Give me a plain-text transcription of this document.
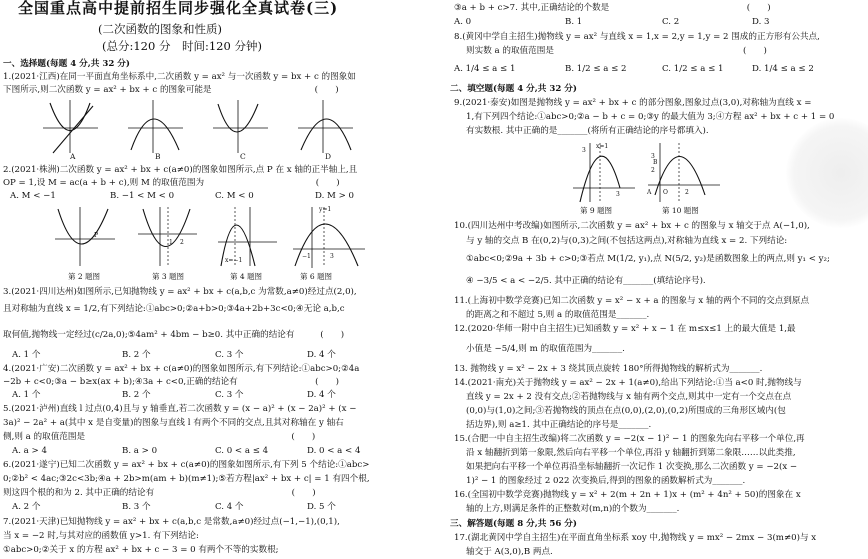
全国重点高中提前招生同步强化全真试卷(三)
(二次函数的图象和性质)
(总分:120 分　时间:120 分钟)
一、选择题(每题 4 分,共 32 分)
1.(2021·江西)在同一平面直角坐标系中,二次函数 y = ax² 与一次函数 y = bx + c 的图象如
下图所示,则二次函数 y = ax² + bx + c 的图象可能是　　　　　　　　　　　　(　　)
A	B	C	D
2.(2021·株洲)二次函数 y = ax² + bx + c(a≠0)的图象如图所示,点 P 在 x 轴的正半轴上,且
OP = 1,设 M = ac(a + b + c),则 M 的取值范围为　　　　　　　　　　　　　(　　)
A. M < −1	B. −1 < M < 0	C. M < 0	D. M > 0
P
1 2
x=−1
y=1
−1	3
第 2 题图	第 3 题图	第 4 题图	第 6 题图
3.(2021·四川达州)如图所示,已知抛物线 y = ax² + bx + c(a,b,c 为常数,a≠0)经过点(2,0),
且对称轴为直线 x = 1/2,有下列结论:①abc>0;②a+b>0;③4a+2b+3c<0;④无论 a,b,c
取何值,抛物线一定经过(c/2a,0);⑤4am² + 4bm − b≥0. 其中正确的结论有　　　(　　)
A. 1 个	B. 2 个	C. 3 个	D. 4 个
4.(2021·广安)二次函数 y = ax² + bx + c(a≠0)的图象如图所示,有下列结论:①abc>0;②4a
−2b + c<0;③a − b≥x(ax + b);④3a + c<0,正确的结论有　　　　　　　　　(　　)
A. 1 个	B. 2 个	C. 3 个	D. 4 个
5.(2021·泸州)直线 l 过点(0,4)且与 y 轴垂直,若二次函数 y = (x − a)² + (x − 2a)² + (x −
3a)² − 2a² + a(其中 x 是自变量)的图象与直线 l 有两个不同的交点,且其对称轴在 y 轴右
侧,则 a 的取值范围是　　　　　　　　　　　　　　　　　　　　　　　　(　　)
A. a > 4	B. a > 0	C. 0 < a ≤ 4	D. 0 < a < 4
6.(2021·遂宁)已知二次函数 y = ax² + bx + c(a≠0)的图象如图所示,有下列 5 个结论:①abc>
0;②b² < 4ac;③2c<3b;④a + 2b>m(am + b)(m≠1);⑤若方程|ax² + bx + c| = 1 有四个根,
则这四个根的和为 2. 其中正确的结论有　　　　　　　　　　　　　　　　(　　)
A. 2 个	B. 3 个	C. 4 个	D. 5 个
7.(2021·天津)已知抛物线 y = ax² + bx + c(a,b,c 是常数,a≠0)经过点(−1,−1),(0,1),
当 x = −2 时,与其对应的函数值 y>1. 有下列结论:
①abc>0;②关于 x 的方程 ax² + bx + c − 3 = 0 有两个不等的实数根;
③a + b + c>7. 其中,正确结论的个数是　　　　　　　　　　　　　　　　(　　)
A. 0	B. 1	C. 2	D. 3
8.(黄冈中学自主招生)抛物线 y = ax² 与直线 x = 1,x = 2,y = 1,y = 2 围成的正方形有公共点,
则实数 a 的取值范围是　　　　　　　　　　　　　　　　　　　　　　(　　)
A. 1/4 ≤ a ≤ 1	B. 1/2 ≤ a ≤ 2	C. 1/2 ≤ a ≤ 1	D. 1/4 ≤ a ≤ 2
二、填空题(每题 4 分,共 32 分)
9.(2021·泰安)如图是抛物线 y = ax² + bx + c 的部分图象,图象过点(3,0),对称轴为直线 x =
1,有下列四个结论:①abc>0;②a − b + c = 0;③y 的最大值为 3;④方程 ax² + bx + c + 1 = 0
有实数根. 其中正确的是_______(将所有正确结论的序号都填入).
x=1
3
3
3
2
B
A O	2
第 9 题图	第 10 题图
10.(四川达州中考改编)如图所示,二次函数 y = ax² + bx + c 的图象与 x 轴交于点 A(−1,0),
与 y 轴的交点 B 在(0,2)与(0,3)之间(不包括这两点),对称轴为直线 x = 2. 下列结论:
①abc<0;②9a + 3b + c>0;③若点 M(1/2, y₁),点 N(5/2, y₂)是函数图象上的两点,则 y₁ < y₂;
④ −3/5 < a < −2/5. 其中正确的结论有_______(填结论序号).
11.(上海初中数学竞赛)已知二次函数 y = x² − x + a 的图象与 x 轴的两个不同的交点到原点
的距离之和不超过 5,则 a 的取值范围是_______.
12.(2020·华师一附中自主招生)已知函数 y = x² + x − 1 在 m≤x≤1 上的最大值是 1,最
小值是 −5/4,则 m 的取值范围为_______.
13. 抛物线 y = x² − 2x + 3 绕其顶点旋转 180°所得抛物线的解析式为_______.
14.(2021·南充)关于抛物线 y = ax² − 2x + 1(a≠0),给出下列结论:①当 a<0 时,抛物线与
直线 y = 2x + 2 没有交点;②若抛物线与 x 轴有两个交点,则其中一定有一个交点在点
(0,0)与(1,0)之间;③若抛物线的顶点在点(0,0),(2,0),(0,2)所围成的三角形区域内(包
括边界),则 a≥1. 其中正确结论的序号是_______.
15.(合肥一中自主招生改编)将二次函数 y = −2(x − 1)² − 1 的图象先向右平移一个单位,再
沿 x 轴翻折到第一象限,然后向右平移一个单位,再沿 y 轴翻折到第二象限……以此类推,
如果把向右平移一个单位再沿坐标轴翻折一次记作 1 次变换,那么二次函数 y = −2(x −
1)² − 1 的图象经过 2 022 次变换后,得到的图象的函数解析式为_______.
16.(全国初中数学竞赛)抛物线 y = x² + 2(m + 2n + 1)x + (m² + 4n² + 50)的图象在 x
轴的上方,则满足条件的正整数对(m,n)的个数为_______.
三、解答题(每题 8 分,共 56 分)
17.(湖北黄冈中学自主招生)在平面直角坐标系 xoy 中,抛物线 y = mx² − 2mx − 3(m≠0)与 x
轴交于 A(3,0),B 两点.
